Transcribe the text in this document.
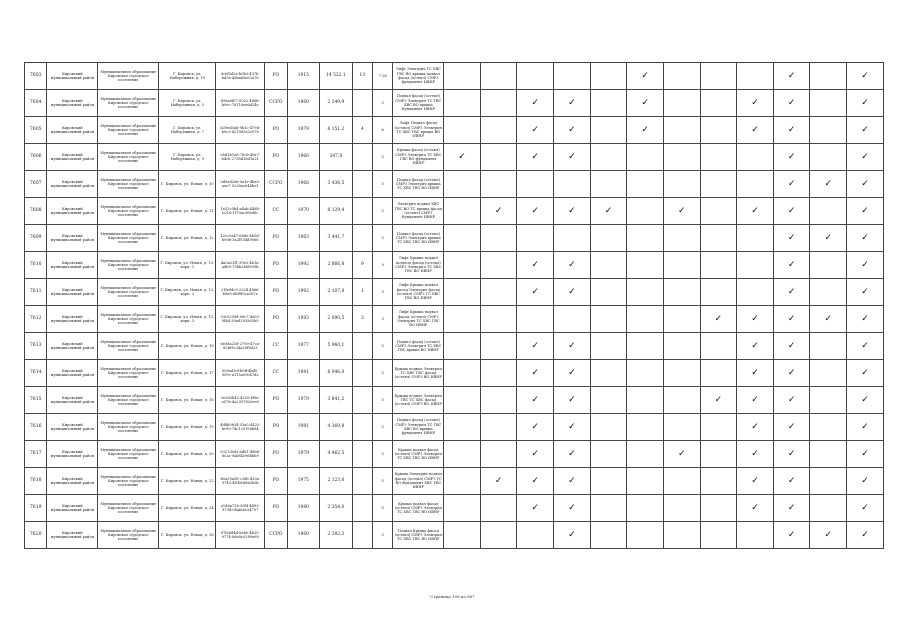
7603	Кировский муниципальный район	Муниципальное образование Кировское городское поселение	Г. Кировск, ул. Набережная, д. 19	9c6f5d2e-b0b3-437b-bd3e-4daa68ac3a76	FO	1915	14 522,1	13	7-28	Лифт Электрич ТС ХВС ГВС ВО крыша подвал фасад (остекл) СМРЗ фундамент ИВНР						✓				✓		✓
7604	Кировский муниципальный район	Муниципальное образование Кировское городское поселение	Г. Кировск, ул. Набережная, д. 3	858a6f07-0022-486b-b0ec-78116ee6d24e	CCFO	1960	2 349,9		5	Подвал фасад (остекл) СМРЗ Электрич ТС ГВС ХВС ВО крыша Фундамент ИВНР			✓	✓		✓			✓	✓		✓
7605	Кировский муниципальный район	Муниципальное образование Кировское городское поселение	Г. Кировск, ул. Набережная, д. 7	b39ed3ab-9b1c-479d-b0c3-421985e2c078	PO	1979	6 151,2	4	6	Лифт Подвал фасад (остекл) СМРЗ Электрич ТС ХВС ГВС крыша ВО ИВНР			✓	✓		✓			✓	✓		✓
7606	Кировский муниципальный район	Муниципальное образование Кировское городское поселение	Г. Кировск, ул. Набережная, д. 9	06d1b1e6-78cb-49a7-b4cb-2738d36d1a21	PO	1968	347,8		5	Крыша фасад (остекл) СМРЗ Электрич ТС ХВС ГВС ВО фундамент ИВНР	✓		✓	✓						✓		✓
7607	Кировский муниципальный район	Муниципальное образование Кировское городское поселение	Г. Кировск, ул. Новая, д. 10	0d9ad2eb-0a1e-4ba0-aee7-0230ac644be1	CCFO	1968	3 436,5		5	Подвал фасад (остекл) СМРЗ Электрич крыша ТС ХВС ГВС ВО ИВНР										✓	✓	✓
7608	Кировский муниципальный район	Муниципальное образование Кировское городское поселение	Г. Кировск, ул. Новая, д. 11	1e52c9b4-a4ab-44d8-b216-1f70ac56e88c	CC	1970	6 129,4		5	Электрич подвал ХВС ГВС ВО ТС крыша фасад (остекл) СМРЗ Фундамент ИВНР		✓	✓	✓	✓		✓		✓	✓		✓
7609	Кировский муниципальный район	Муниципальное образование Кировское городское поселение	Г. Кировск, ул. Новая, д. 12	12cc5a47-60de-4b5d-b90b-3a2f554d9066	PO	1963	3 441,7		5	Подвал фасад (остекл) СМРЗ Электрич крыша ТС ХВС ГВС ВО ИВНР										✓	✓	✓
7610	Кировский муниципальный район	Муниципальное образование Кировское городское поселение	Г. Кировск, ул. Новая, д. 13, корп. 1	da0a21f1-39e3-4b1a-a8b9-75bb2b6f939b	PO	1992	2 866,8	9	9	Лифт Крыша подвал подъезд фасад (остекл) СМРЗ Электрич ТС ХВС ГВС ВО ИВНР			✓	✓						✓		✓
7611	Кировский муниципальный район	Муниципальное образование Кировское городское поселение	Г. Кировск, ул. Новая, д. 13, корп. 2	21fe9dc9-2204-4866-b9a9-6bf9f3ca2b7e	PO	1992	2 107,8	1	9	Лифт Крыша подвал фасад Электрич фасад (остекл) СМРЗ ТС ХВС ГВС ВО ИВНР			✓	✓						✓		✓
7612	Кировский муниципальный район	Муниципальное образование Кировское городское поселение	Г. Кировск, ул. Новая, д. 13, корп. 3	53c5259d-08c7-4a53-9fb4-39ad2935d3b9	PO	1993	2 090,5	3	3	Лифт Крыша подвал фасад (остекл) СМРЗ Электрич ТС ХВС ГВС ВО ИВНР								✓	✓	✓	✓	✓
7613	Кировский муниципальный район	Муниципальное образование Кировское городское поселение	Г. Кировск, ул. Новая, д. 16	6e0da21d-2790-47ca-82bf-fc34a29f9d23	CC	1977	5 960,1		5	Подвал фасад (остекл) СМРЗ Электрич ТС ХВС ГВС крыша ВО ИВНР			✓	✓					✓	✓		✓
7614	Кировский муниципальный район	Муниципальное образование Кировское городское поселение	Г. Кировск, ул. Новая, д. 17	509ad3cf-b0ff-4bd0-959c-a115a09c47d2	CC	1981	6 046,0		5	Крыша подвал Электрич ТС ХВС ГВС фасад (остекл) СМРЗ ВО ИВНР			✓	✓					✓	✓		✓
7615	Кировский муниципальный район	Муниципальное образование Кировское городское поселение	Г. Кировск, ул. Новая, д. 18	3e3d3b42-4255-4f9e-a57b-4a2397d20ee6	PO	1979	3 841,2		5	Крыша подвал Электрич ГВС ТС ХВС фасад (остекл) СМРЗ ВО ИВНР			✓	✓				✓	✓	✓		✓
7616	Кировский муниципальный район	Муниципальное образование Кировское городское поселение	Г. Кировск, ул. Новая, д. 19	4d8b0b34-53a5-4425-bc90-74c1c5196b84	PO	1981	4 369,8		5	Подвал фасад (остекл) СМРЗ Электрич ТС ГВС ХВС ВО крыша фундамент ИВНР			✓	✓					✓	✓		✓
7617	Кировский муниципальный район	Муниципальное образование Кировское городское поселение	Г. Кировск, ул. Новая, д. 20	3327cbd3-6d61-48b6-8c2a-9ab84c96bbb9	PO	1979	4 462,5		5	Крыша подвал фасад (остекл) СМРЗ Электрич ТС ХВС ГВС ВО ИВНР			✓	✓			✓		✓	✓		✓
7618	Кировский муниципальный район	Муниципальное образование Кировское городское поселение	Г. Кировск, ул. Новая, д. 22	b0a39a58-c26b-433a-9743-4f1b6d9a6b2b	PO	1975	2 123,6		5	Крыша Электрич подвал фасад (остекл) СМРЗ ТС ВО Фундамент ХВС ГВС ИВНР		✓	✓	✓					✓	✓		✓
7619	Кировский муниципальный район	Муниципальное образование Кировское городское поселение	Г. Кировск, ул. Новая, д. 24	a1d6a72b-39f4-4493-9704-04afabe24707	PO	1980	2 354,0		5	Крыша подвал фасад (остекл) СМРЗ Электрич ТС ХВС ГВС ВО ИВНР			✓	✓					✓	✓		✓
7620	Кировский муниципальный район	Муниципальное образование Кировское городское поселение	Г. Кировск, ул. Новая, д. 26	97fa8d4d-6ab0-4b25-9774-8da8c0289e69	CCPO	1960	2 382,3		5	Подвал Крыша фасад (остекл) СМРЗ Электрич ТС ХВС ГВС ВО ИВНР				✓						✓	✓	✓
Страница 108 из 887
